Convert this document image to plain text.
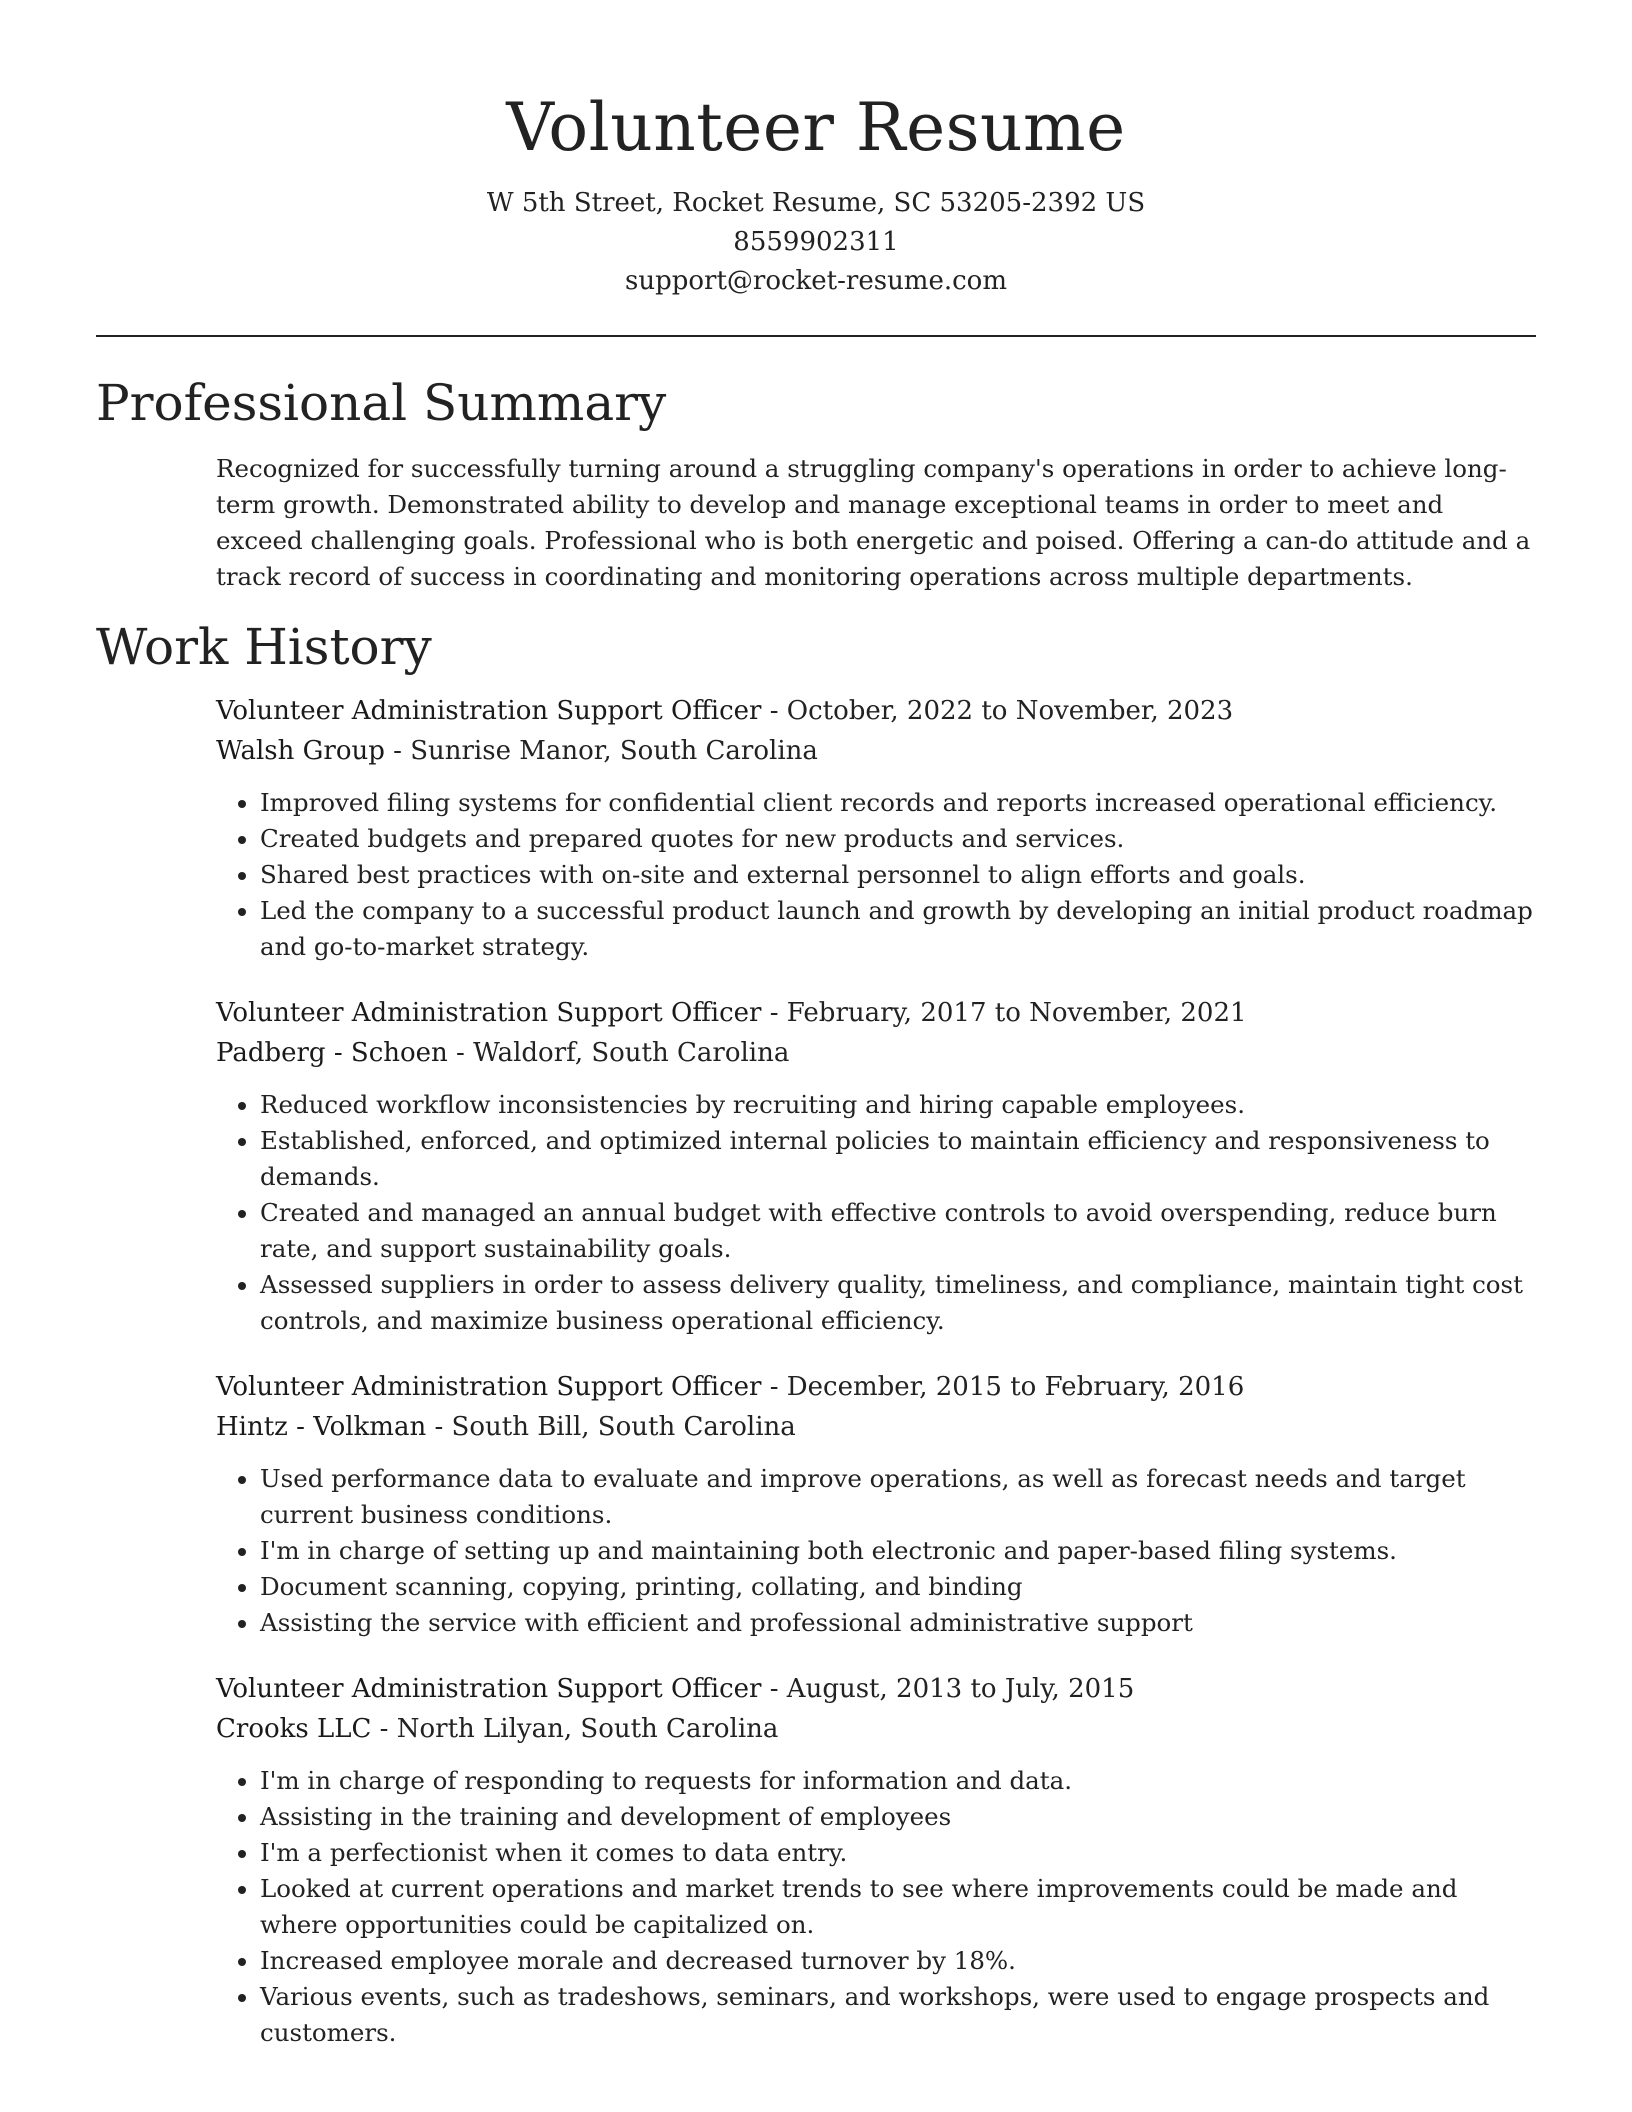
Volunteer Resume
W 5th Street, Rocket Resume, SC 53205-2392 US
8559902311
support@rocket-resume.com
Professional Summary

Recognized for successfully turning around a struggling company's operations in order to achieve long-term growth. Demonstrated ability to develop and manage exceptional teams in order to meet and exceed challenging goals. Professional who is both energetic and poised. Offering a can-do attitude and a track record of success in coordinating and monitoring operations across multiple departments.

Work History
Volunteer Administration Support Officer - October, 2022 to November, 2023
Walsh Group - Sunrise Manor, South Carolina
• Improved filing systems for confidential client records and reports increased operational efficiency.
• Created budgets and prepared quotes for new products and services.
• Shared best practices with on-site and external personnel to align efforts and goals.
• Led the company to a successful product launch and growth by developing an initial product roadmap and go-to-market strategy.
Volunteer Administration Support Officer - February, 2017 to November, 2021
Padberg - Schoen - Waldorf, South Carolina
• Reduced workflow inconsistencies by recruiting and hiring capable employees.
• Established, enforced, and optimized internal policies to maintain efficiency and responsiveness to demands.
• Created and managed an annual budget with effective controls to avoid overspending, reduce burn rate, and support sustainability goals.
• Assessed suppliers in order to assess delivery quality, timeliness, and compliance, maintain tight cost controls, and maximize business operational efficiency.
Volunteer Administration Support Officer - December, 2015 to February, 2016
Hintz - Volkman - South Bill, South Carolina
• Used performance data to evaluate and improve operations, as well as forecast needs and target current business conditions.
• I'm in charge of setting up and maintaining both electronic and paper-based filing systems.
• Document scanning, copying, printing, collating, and binding
• Assisting the service with efficient and professional administrative support
Volunteer Administration Support Officer - August, 2013 to July, 2015
Crooks LLC - North Lilyan, South Carolina
• I'm in charge of responding to requests for information and data.
• Assisting in the training and development of employees
• I'm a perfectionist when it comes to data entry.
• Looked at current operations and market trends to see where improvements could be made and where opportunities could be capitalized on.
• Increased employee morale and decreased turnover by 18%.
• Various events, such as tradeshows, seminars, and workshops, were used to engage prospects and customers.
